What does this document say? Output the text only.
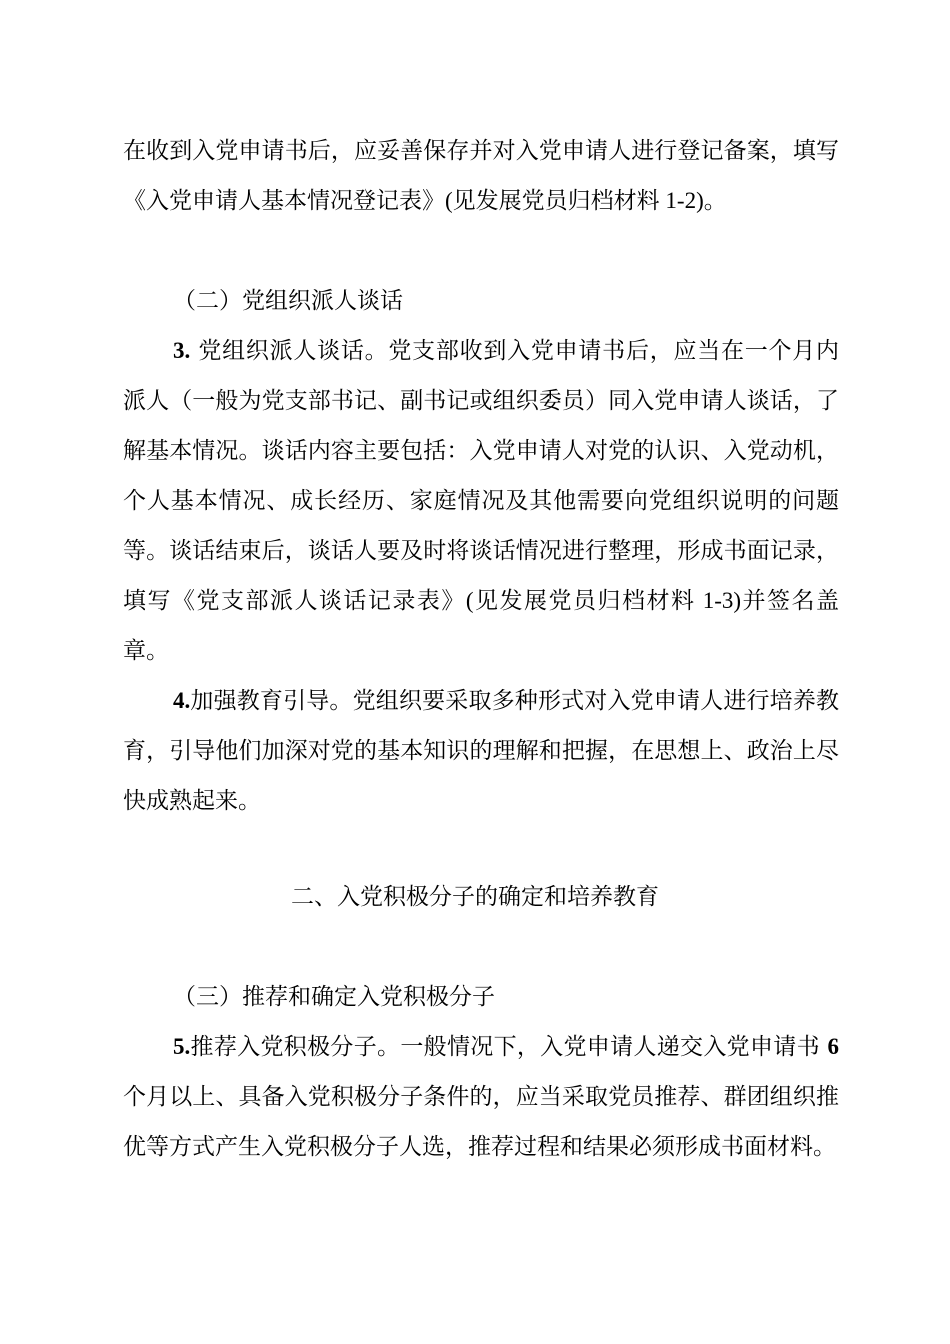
在收到入党申请书后，应妥善保存并对入党申请人进行登记备案，填写《入党申请人基本情况登记表》(见发展党员归档材料 1-2)。

（二）党组织派人谈话

3. 党组织派人谈话。党支部收到入党申请书后，应当在一个月内派人（一般为党支部书记、副书记或组织委员）同入党申请人谈话，了解基本情况。谈话内容主要包括：入党申请人对党的认识、入党动机，个人基本情况、成长经历、家庭情况及其他需要向党组织说明的问题等。谈话结束后，谈话人要及时将谈话情况进行整理，形成书面记录，填写《党支部派人谈话记录表》(见发展党员归档材料 1-3)并签名盖章。

4.加强教育引导。党组织要采取多种形式对入党申请人进行培养教育，引导他们加深对党的基本知识的理解和把握，在思想上、政治上尽快成熟起来。

二、入党积极分子的确定和培养教育

（三）推荐和确定入党积极分子

5.推荐入党积极分子。一般情况下，入党申请人递交入党申请书 6 个月以上、具备入党积极分子条件的，应当采取党员推荐、群团组织推优等方式产生入党积极分子人选，推荐过程和结果必须形成书面材料。
